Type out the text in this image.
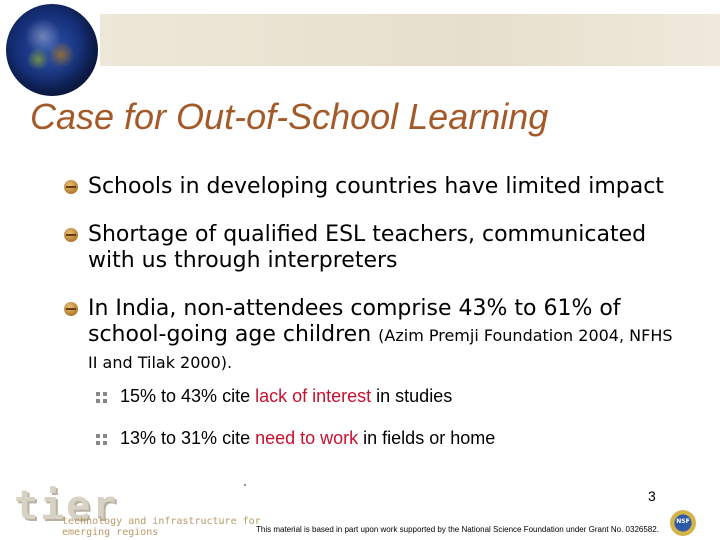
Case for Out-of-School Learning
Schools in developing countries have limited impact
Shortage of qualified ESL teachers, communicated with us through interpreters
In India, non-attendees comprise 43% to 61% of school-going age children (Azim Premji Foundation 2004, NFHS II and Tilak 2000).
15% to 43% cite lack of interest in studies
13% to 31% cite need to work in fields or home
tier
technology and infrastructure for
emerging regions
3
This material is based in part upon work supported by the National Science Foundation under Grant No. 0326582.
NSF
